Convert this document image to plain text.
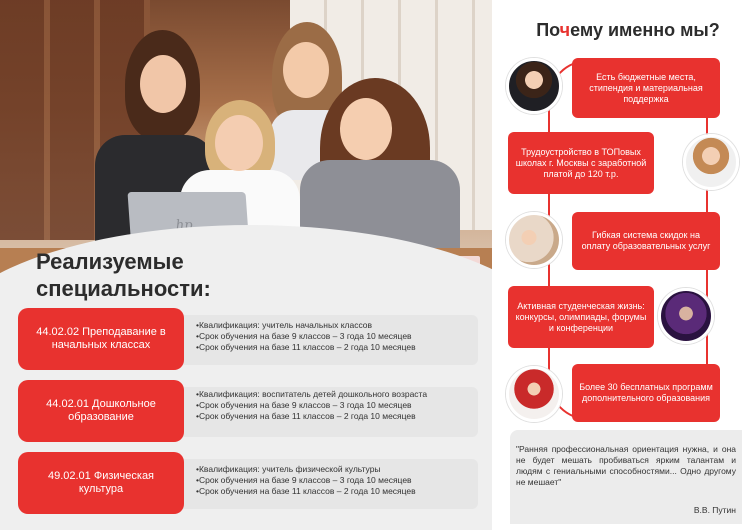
hp
Реализуемые
специальности:
44.02.02 Преподавание в начальных классах
•Квалификация: учитель начальных классов
•Срок обучения на базе 9 классов – 3 года 10 месяцев
•Срок обучения на базе 11 классов – 2 года 10 месяцев
44.02.01 Дошкольное образование
•Квалификация: воспитатель детей дошкольного возраста
•Срок обучения на базе 9 классов – 3 года 10 месяцев
•Срок обучения на базе 11 классов – 2 года 10 месяцев
49.02.01 Физическая культура
•Квалификация: учитель физической культуры
•Срок обучения на базе 9 классов – 3 года 10 месяцев
•Срок обучения на базе 11 классов – 2 года 10 месяцев
Почему именно мы?
Есть бюджетные места, стипендия и материальная поддержка
Трудоустройство в ТОПовых школах г. Москвы с заработной платой до 120 т.р.
Гибкая система скидок на оплату образовательных услуг
Активная студенческая жизнь: конкурсы, олимпиады, форумы и конференции
Более 30 бесплатных программ дополнительного образования
"Ранняя профессиональная ориентация нужна, и она не будет мешать пробиваться ярким талантам и людям с гениальными способностями... Одно другому не мешает"
В.В. Путин
